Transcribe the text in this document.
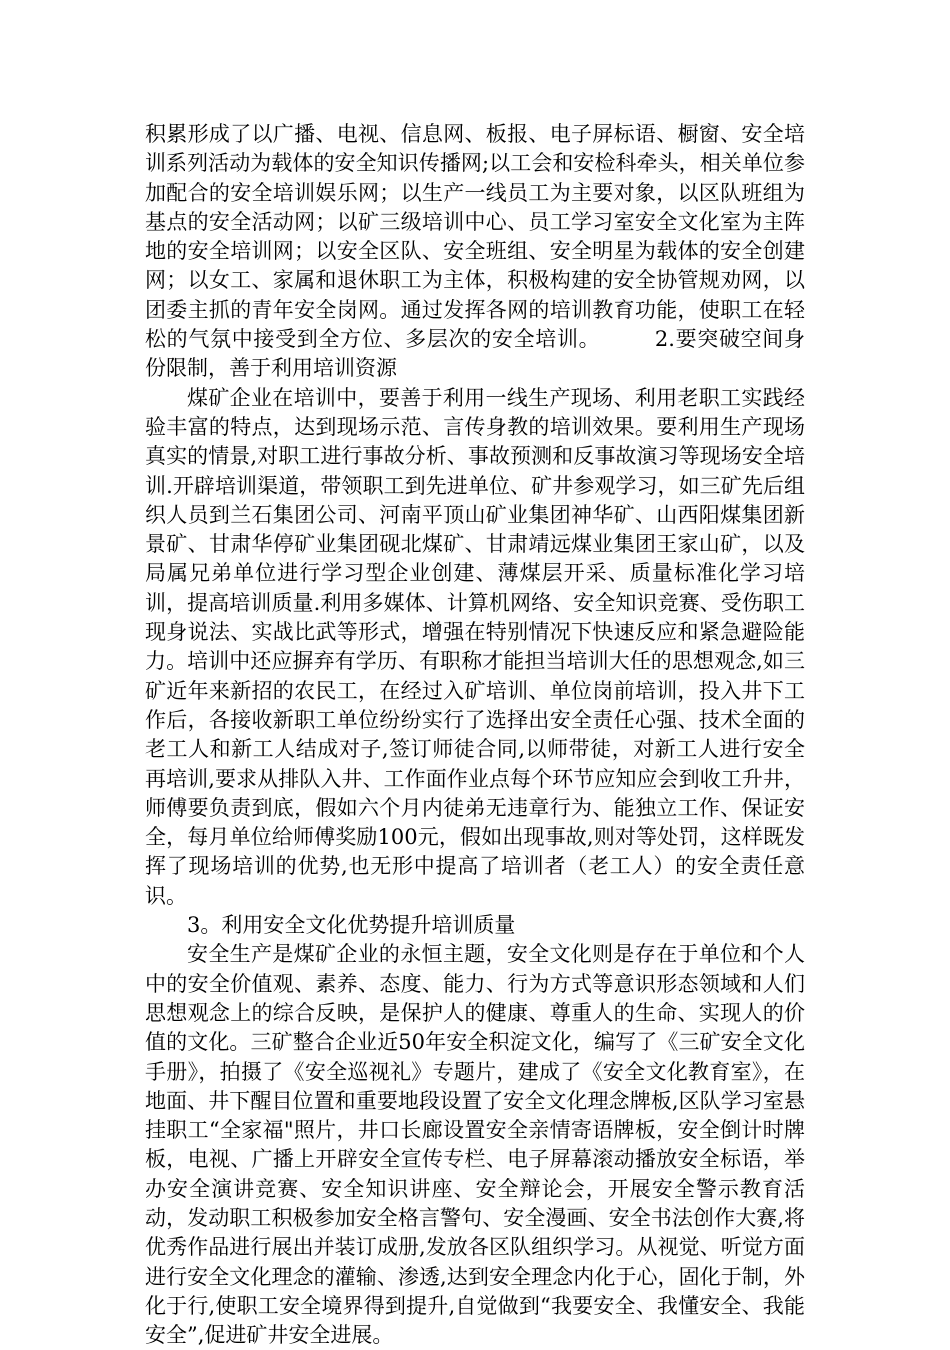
积累形成了以广播、电视、信息网、板报、电子屏标语、橱窗、安全培训系列活动为载体的安全知识传播网;以工会和安检科牵头，相关单位参加配合的安全培训娱乐网；以生产一线员工为主要对象，以区队班组为基点的安全活动网；以矿三级培训中心、员工学习室安全文化室为主阵地的安全培训网；以安全区队、安全班组、安全明星为载体的安全创建网；以女工、家属和退休职工为主体，积极构建的安全协管规劝网，以团委主抓的青年安全岗网。通过发挥各网的培训教育功能，使职工在轻松的气氛中接受到全方位、多层次的安全培训。　　　2.要突破空间身份限制，善于利用培训资源

煤矿企业在培训中，要善于利用一线生产现场、利用老职工实践经验丰富的特点，达到现场示范、言传身教的培训效果。要利用生产现场真实的情景,对职工进行事故分析、事故预测和反事故演习等现场安全培训.开辟培训渠道，带领职工到先进单位、矿井参观学习，如三矿先后组织人员到兰石集团公司、河南平顶山矿业集团神华矿、山西阳煤集团新景矿、甘肃华停矿业集团砚北煤矿、甘肃靖远煤业集团王家山矿，以及局属兄弟单位进行学习型企业创建、薄煤层开采、质量标准化学习培训，提高培训质量.利用多媒体、计算机网络、安全知识竞赛、受伤职工现身说法、实战比武等形式，增强在特别情况下快速反应和紧急避险能力。培训中还应摒弃有学历、有职称才能担当培训大任的思想观念,如三矿近年来新招的农民工，在经过入矿培训、单位岗前培训，投入井下工作后，各接收新职工单位纷纷实行了选择出安全责任心强、技术全面的老工人和新工人结成对子,签订师徒合同,以师带徒，对新工人进行安全再培训,要求从排队入井、工作面作业点每个环节应知应会到收工升井，师傅要负责到底，假如六个月内徒弟无违章行为、能独立工作、保证安全，每月单位给师傅奖励100元，假如出现事故,则对等处罚，这样既发挥了现场培训的优势,也无形中提高了培训者（老工人）的安全责任意识。

3。利用安全文化优势提升培训质量

安全生产是煤矿企业的永恒主题，安全文化则是存在于单位和个人中的安全价值观、素养、态度、能力、行为方式等意识形态领域和人们思想观念上的综合反映，是保护人的健康、尊重人的生命、实现人的价值的文化。三矿整合企业近50年安全积淀文化，编写了《三矿安全文化手册》，拍摄了《安全巡视礼》专题片，建成了《安全文化教育室》，在地面、井下醒目位置和重要地段设置了安全文化理念牌板,区队学习室悬挂职工“全家福"照片，井口长廊设置安全亲情寄语牌板，安全倒计时牌板，电视、广播上开辟安全宣传专栏、电子屏幕滚动播放安全标语，举办安全演讲竞赛、安全知识讲座、安全辩论会，开展安全警示教育活动，发动职工积极参加安全格言警句、安全漫画、安全书法创作大赛,将优秀作品进行展出并装订成册,发放各区队组织学习。从视觉、听觉方面进行安全文化理念的灌输、渗透,达到安全理念内化于心，固化于制，外化于行,使职工安全境界得到提升,自觉做到“我要安全、我懂安全、我能安全”,促进矿井安全进展。
